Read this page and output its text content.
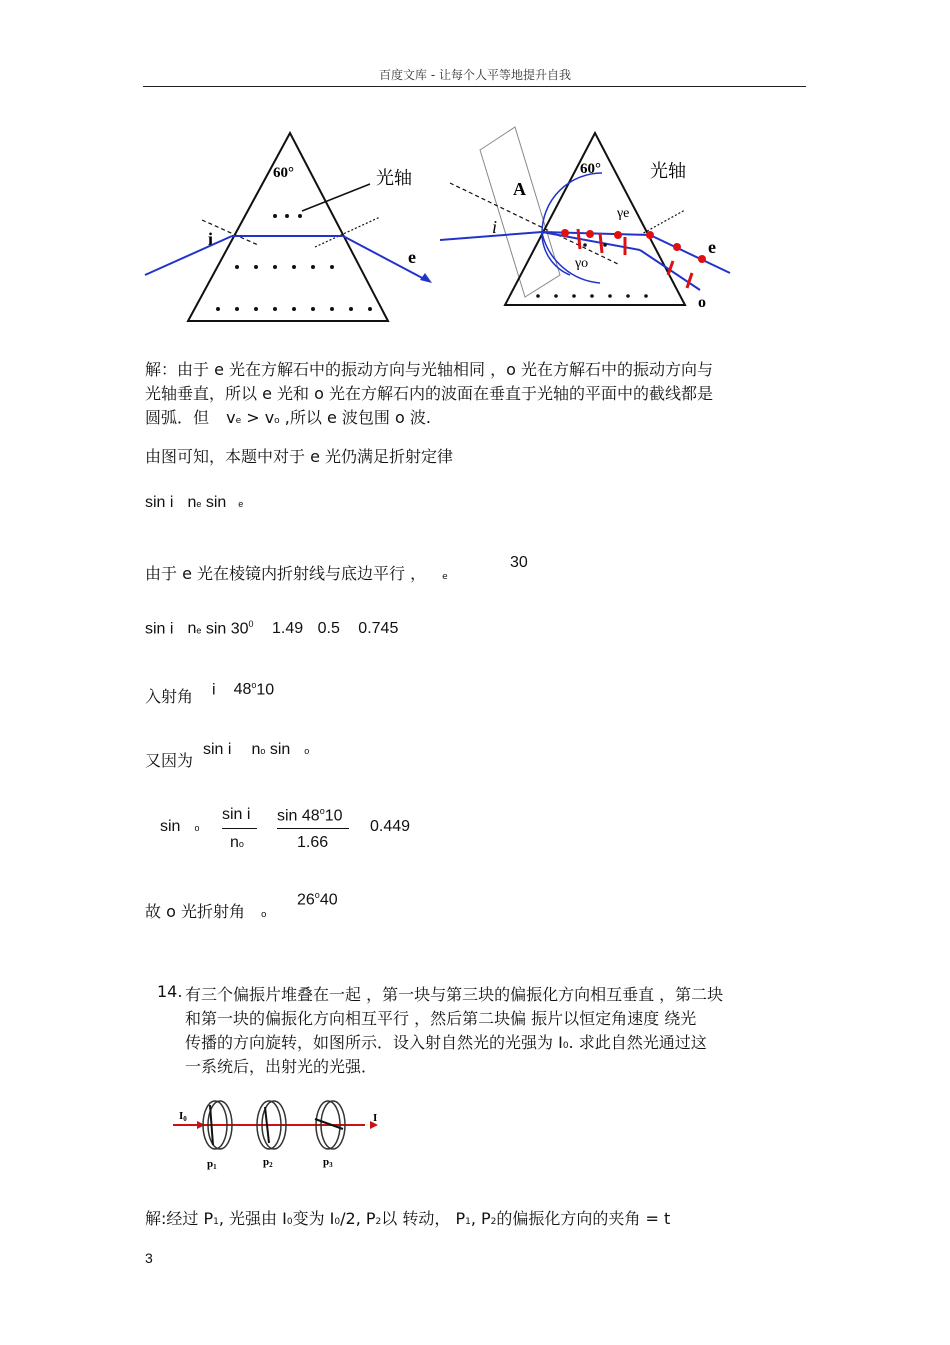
百度文库 - 让每个人平等地提升自我
60°	光轴
i
e
60°	光轴
A
i
γe
γo
e
o
解：由于 e 光在方解石中的振动方向与光轴相同 ，o 光在方解石中的振动方向与
光轴垂直，所以 e 光和 o 光在方解石内的波面在垂直于光轴的平面中的截线都是
圆弧．但 ve > vo ,所以 e 波包围 o 波.
由图可知，本题中对于 e 光仍满足折射定律
sin i ne sin e
由于 e 光在棱镜内折射线与底边平行 ， e
30
sin i ne $\sin 30^0$ 1.49 0.5 0.745
入射角 i 48$^o$10
又因为
sin i no sin o
sin o
sin i
no
sin 48$^o$10
1.66
0.449
故 o 光折射角 o
26$^o$40
14. 有三个偏振片堆叠在一起 ，第一块与第三块的偏振化方向相互垂直 ，第二块
和第一块的偏振化方向相互平行 ，然后第二块偏 振片以恒定角速度 绕光
传播的方向旋转，如图所示．设入射自然光的光强为 I0. 求此自然光通过这
一系统后，出射光的光强．
I0	I
p1	p2	p3
解:经过 P1, 光强由 I0变为 I0/2, P2以 转动， P1, P2的偏振化方向的夹角 = t
3
